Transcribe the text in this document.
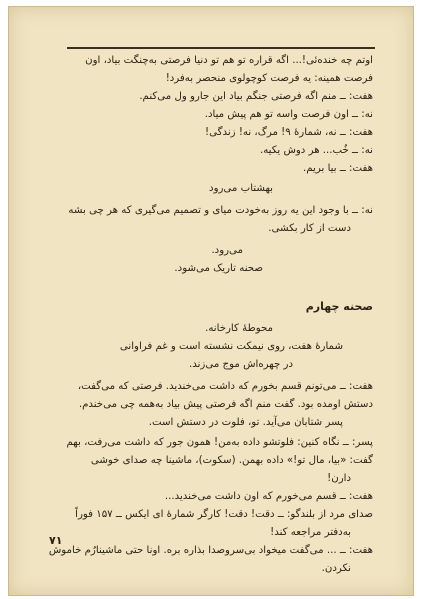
اوتم چه خنده‌ئی!... اگه قراره تو هم تو دنیا فرصتی به‌چنگت بیاد، اون
فرصت همینه: یه فرصت کوچولوی منحصر به‌فرد!
هفت: ــ منم اگه فرصتی جنگم بیاد این جارو ول می‌کنم.
نه: ــ اون فرصت واسه تو هم پیش میاد.
هفت: ــ نه، شمارهٔ ۹! مرگ، نه! زندگی!
نه: ــ خُب... هر دوش یکیه.
هفت: ــ بیا بریم.
بهشتاب می‌رود
نه: ــ با وجود این یه روز به‌خودت میای و تصمیم می‌گیری که هر چی بشه
دست از کار بکشی.
می‌رود.
صحنه تاریک می‌شود.
صحنه چهارم
محوطهٔ کارخانه.
شمارهٔ هفت، روی نیمکت نشسته است و غم فراوانی
در چهره‌اش موج می‌زند.
هفت: ــ می‌تونم قسم بخورم که داشت می‌خندید. فرصتی که می‌گفت،
دستش اومده بود. گفت منم اگه فرصتی پیش بیاد به‌همه چی می‌خندم.
پسر شتابان می‌آید. تو، فلوت در دستش است.
پسر: ــ نگاه کنین: فلوتشو داده به‌من! همون جور که داشت می‌رفت، بهم
گفت: «بیا، مال تو!» داده بهمن. (سکوت)، ماشینا چه صدای خوشی
دارن!
هفت: ــ قسم می‌خورم که اون داشت می‌خندید...
صدای مرد از بلندگو: ــ دقت! دقت! کارگر شمارهٔ ای ایکس ــ ۱۵۷ فوراً
به‌دفتر مراجعه کند!
هفت: ــ ... می‌گفت میخواد بی‌سروصدا بذاره بره. اونا حتی ماشینارُم خاموش
نکردن.
۷۱
